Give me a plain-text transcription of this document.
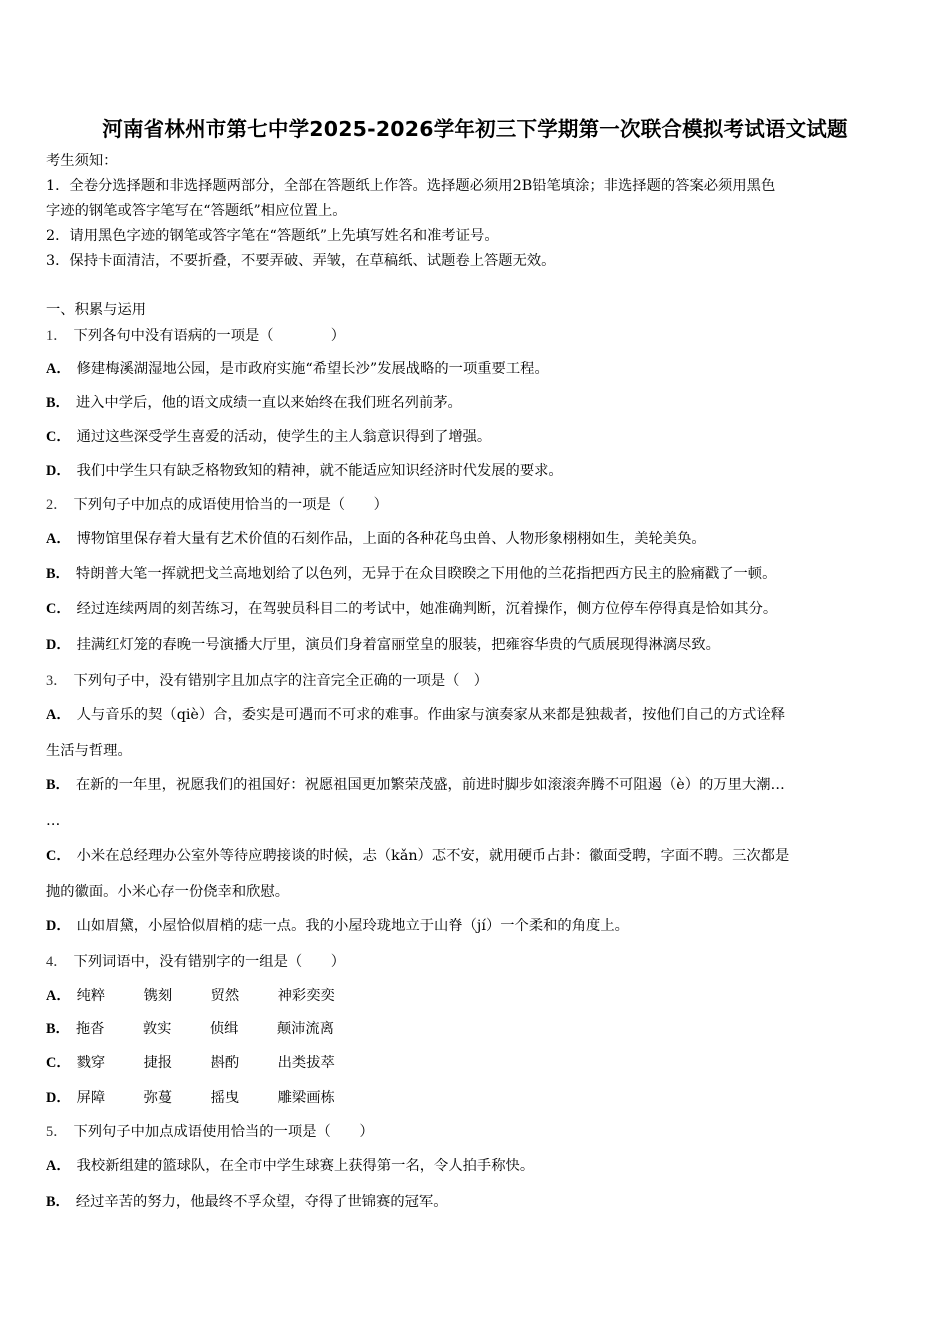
河南省林州市第七中学2025-2026学年初三下学期第一次联合模拟考试语文试题
考生须知：
1．全卷分选择题和非选择题两部分，全部在答题纸上作答。选择题必须用2B铅笔填涂；非选择题的答案必须用黑色
字迹的钢笔或答字笔写在“答题纸”相应位置上。
2．请用黑色字迹的钢笔或答字笔在“答题纸”上先填写姓名和准考证号。
3．保持卡面清洁，不要折叠，不要弄破、弄皱，在草稿纸、试题卷上答题无效。
一、积累与运用
1． 下列各句中没有语病的一项是（　　　　）
A． 修建梅溪湖湿地公园，是市政府实施“希望长沙”发展战略的一项重要工程。
B． 进入中学后，他的语文成绩一直以来始终在我们班名列前茅。
C． 通过这些深受学生喜爱的活动，使学生的主人翁意识得到了增强。
D． 我们中学生只有缺乏格物致知的精神，就不能适应知识经济时代发展的要求。
2． 下列句子中加点的成语使用恰当的一项是（　　）
A． 博物馆里保存着大量有艺术价值的石刻作品，上面的各种花鸟虫兽、人物形象栩栩如生，美轮美奂。
B． 特朗普大笔一挥就把戈兰高地划给了以色列，无异于在众目睽睽之下用他的兰花指把西方民主的脸痛戳了一顿。
C． 经过连续两周的刻苦练习，在驾驶员科目二的考试中，她准确判断，沉着操作，侧方位停车停得真是恰如其分。
D． 挂满红灯笼的春晚一号演播大厅里，演员们身着富丽堂皇的服装，把雍容华贵的气质展现得淋漓尽致。
3． 下列句子中，没有错别字且加点字的注音完全正确的一项是（　）
A． 人与音乐的契（qiè）合，委实是可遇而不可求的难事。作曲家与演奏家从来都是独裁者，按他们自己的方式诠释
生活与哲理。
B． 在新的一年里，祝愿我们的祖国好：祝愿祖国更加繁荣茂盛，前进时脚步如滚滚奔腾不可阻遏（è）的万里大潮…
…
C． 小米在总经理办公室外等待应聘接谈的时候，忐（kǎn）忑不安，就用硬币占卦：徽面受聘，字面不聘。三次都是
抛的徽面。小米心存一份侥幸和欣慰。
D． 山如眉黛，小屋恰似眉梢的痣一点。我的小屋玲珑地立于山脊（jí）一个柔和的角度上。
4． 下列词语中，没有错别字的一组是（　　）
A． 纯粹	镌刻	贸然	神彩奕奕
B． 拖沓	敦实	侦缉	颠沛流离
C． 戮穿	捷报	斟酌	出类拔萃
D． 屏障	弥蔓	摇曳	雕梁画栋
5． 下列句子中加点成语使用恰当的一项是（　　）
A． 我校新组建的篮球队，在全市中学生球赛上获得第一名，令人拍手称快。
B． 经过辛苦的努力，他最终不孚众望，夺得了世锦赛的冠军。
